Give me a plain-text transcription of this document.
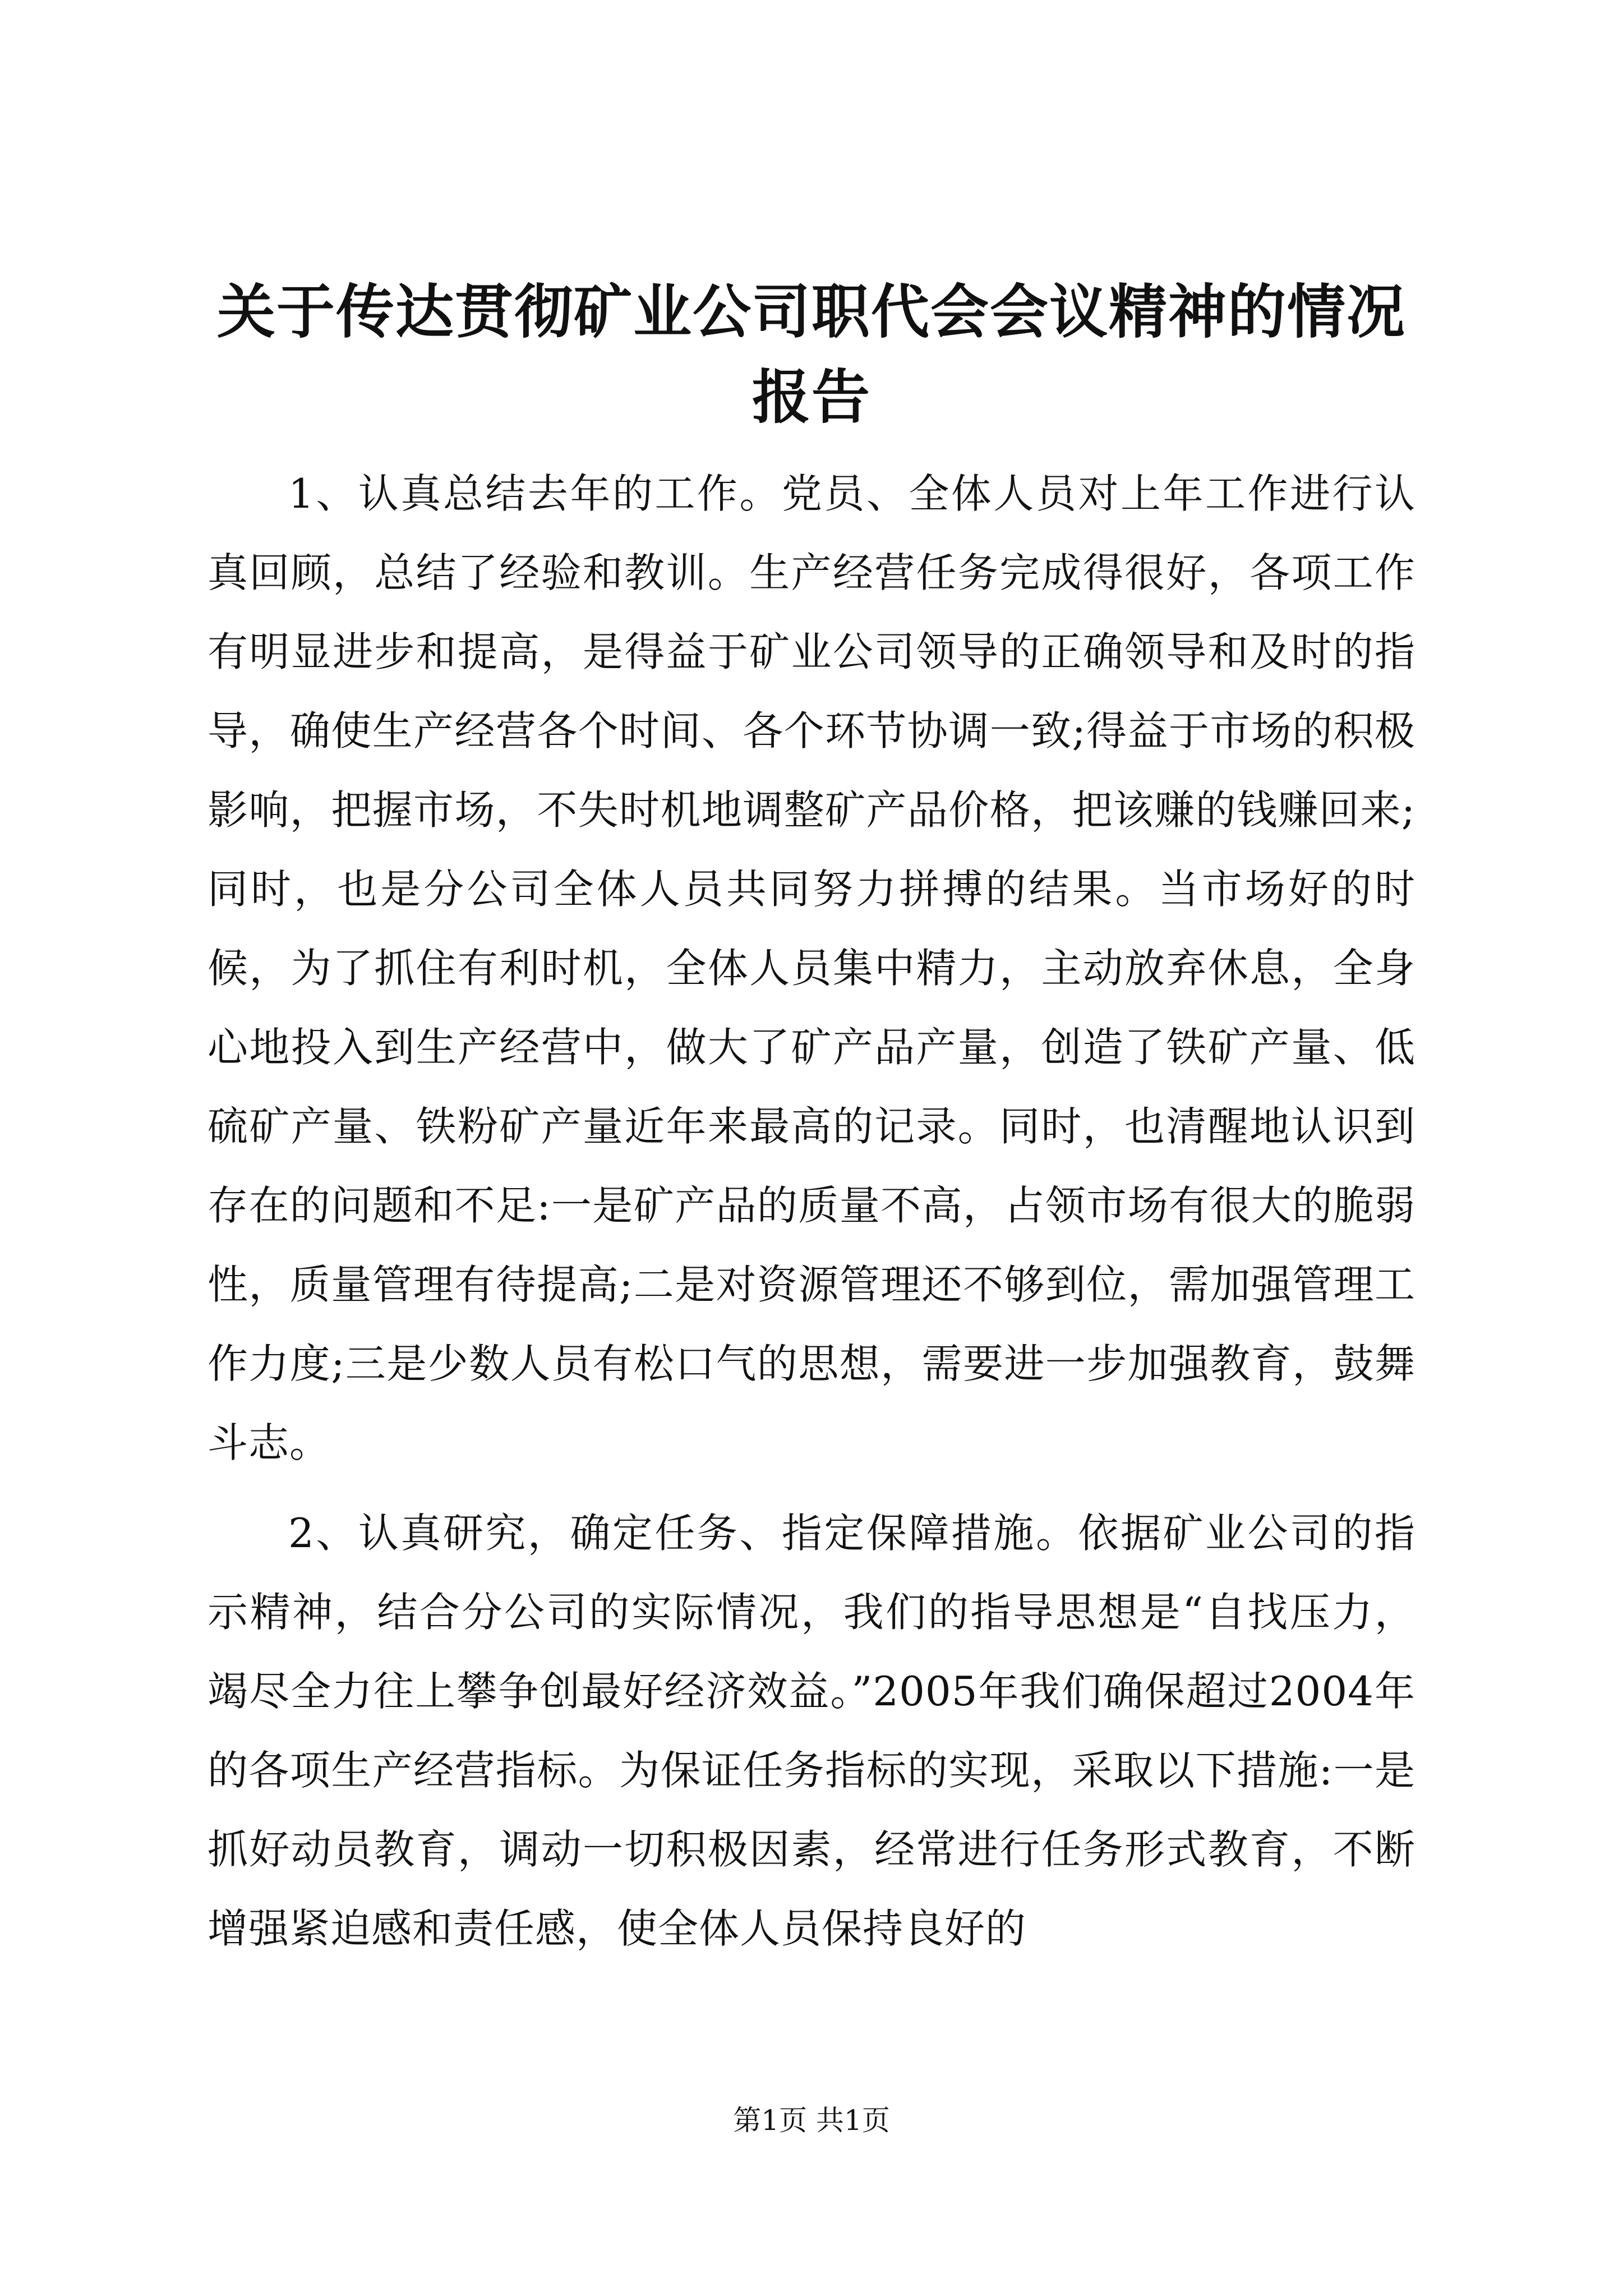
关于传达贯彻矿业公司职代会会议精神的情况报告

1、认真总结去年的工作。党员、全体人员对上年工作进行认真回顾，总结了经验和教训。生产经营任务完成得很好，各项工作有明显进步和提高，是得益于矿业公司领导的正确领导和及时的指导，确使生产经营各个时间、各个环节协调一致;得益于市场的积极影响，把握市场，不失时机地调整矿产品价格，把该赚的钱赚回来;同时，也是分公司全体人员共同努力拼搏的结果。当市场好的时候，为了抓住有利时机，全体人员集中精力，主动放弃休息，全身心地投入到生产经营中，做大了矿产品产量，创造了铁矿产量、低硫矿产量、铁粉矿产量近年来最高的记录。同时，也清醒地认识到存在的问题和不足:一是矿产品的质量不高，占领市场有很大的脆弱性，质量管理有待提高;二是对资源管理还不够到位，需加强管理工作力度;三是少数人员有松口气的思想，需要进一步加强教育，鼓舞斗志。

2、认真研究，确定任务、指定保障措施。依据矿业公司的指示精神，结合分公司的实际情况，我们的指导思想是“自找压力，竭尽全力往上攀争创最好经济效益。”2005年我们确保超过2004年的各项生产经营指标。为保证任务指标的实现，采取以下措施:一是抓好动员教育，调动一切积极因素，经常进行任务形式教育，不断增强紧迫感和责任感，使全体人员保持良好的

第1页 共1页
